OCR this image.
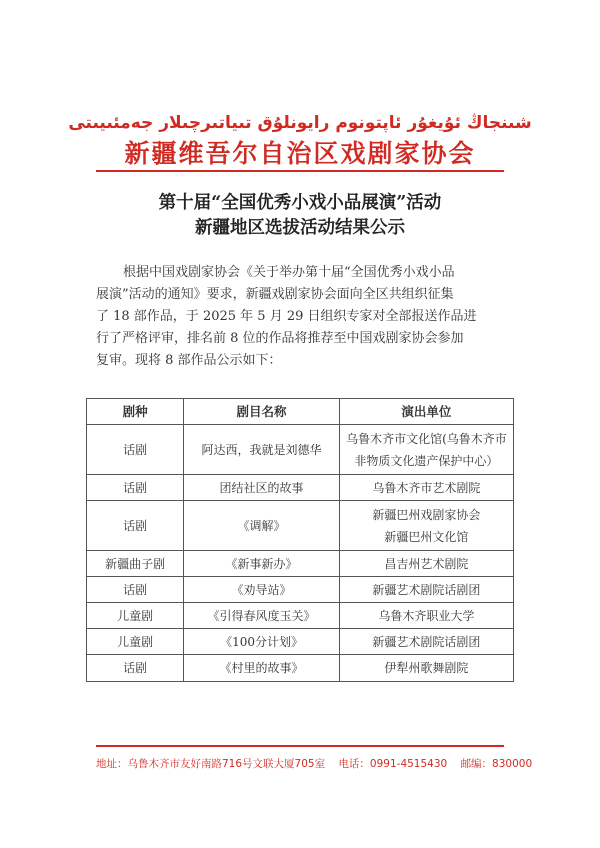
شىنجاڭ ئۇيغۇر ئاپتونوم رايونلۇق تىياتىرچىلار جەمئىيىتى
新疆维吾尔自治区戏剧家协会
第十届“全国优秀小戏小品展演”活动
新疆地区选拔活动结果公示
根据中国戏剧家协会《关于举办第十届“全国优秀小戏小品
展演”活动的通知》要求，新疆戏剧家协会面向全区共组织征集
了 18 部作品，于 2025 年 5 月 29 日组织专家对全部报送作品进
行了严格评审，排名前 8 位的作品将推荐至中国戏剧家协会参加
复审。现将 8 部作品公示如下：
剧种	剧目名称	演出单位
话剧	阿达西，我就是刘德华	乌鲁木齐市文化馆(乌鲁木齐市
非物质文化遗产保护中心）

话剧	团结社区的故事	乌鲁木齐市艺术剧院
话剧	《调解》	新疆巴州戏剧家协会
新疆巴州文化馆

新疆曲子剧	《新事新办》	昌吉州艺术剧院
话剧	《劝导站》	新疆艺术剧院话剧团
儿童剧	《引得春风度玉关》	乌鲁木齐职业大学
儿童剧	《100分计划》	新疆艺术剧院话剧团
话剧	《村里的故事》	伊犁州歌舞剧院
地址：乌鲁木齐市友好南路716号文联大厦705室 电话：0991-4515430 邮编：830000
